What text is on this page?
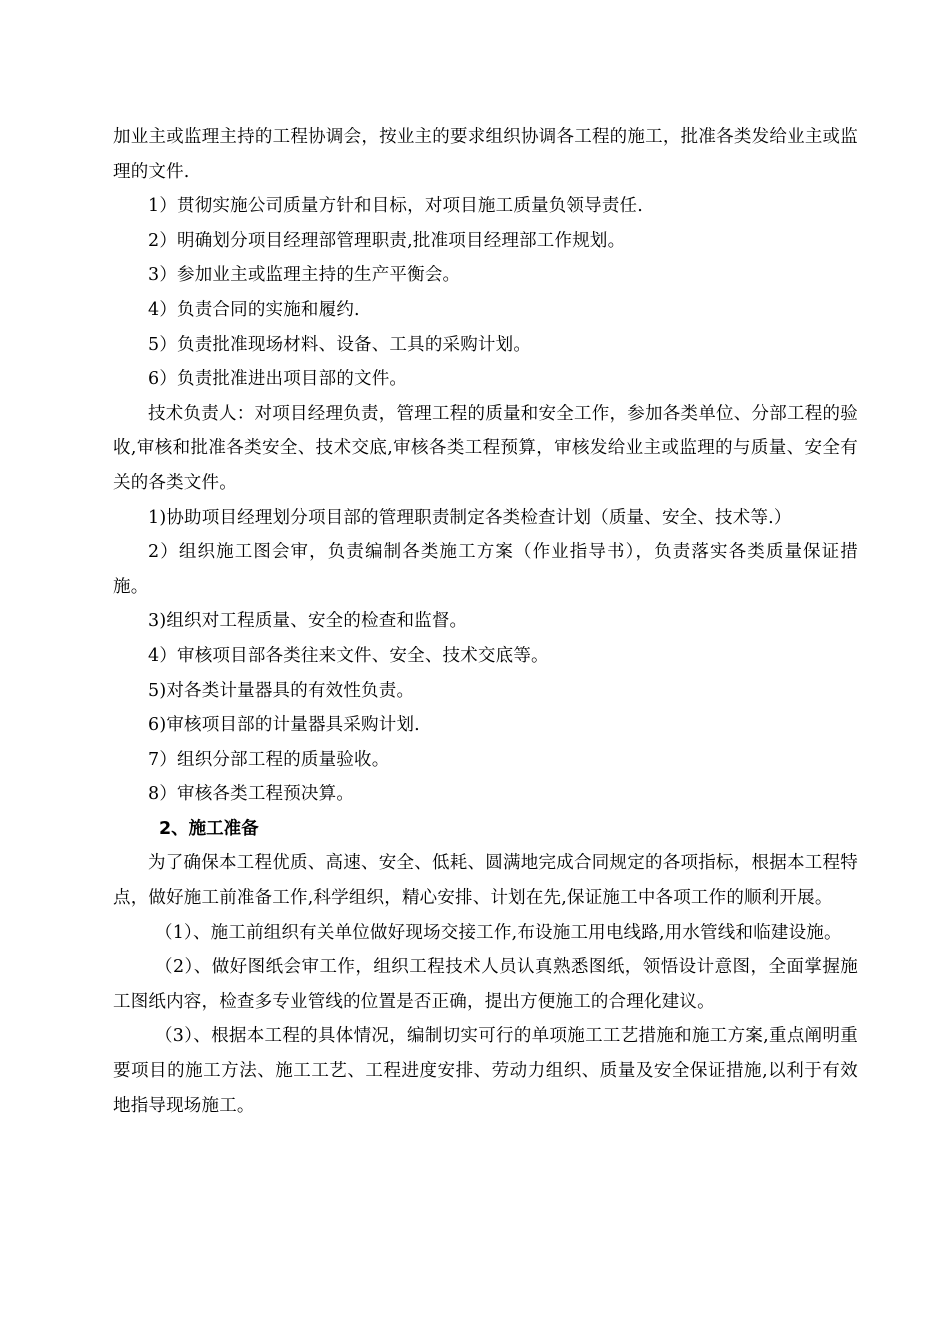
加业主或监理主持的工程协调会，按业主的要求组织协调各工程的施工，批准各类发给业主或监理的文件.

1）贯彻实施公司质量方针和目标，对项目施工质量负领导责任.

2）明确划分项目经理部管理职责,批准项目经理部工作规划。

3）参加业主或监理主持的生产平衡会。

4）负责合同的实施和履约.

5）负责批准现场材料、设备、工具的采购计划。

6）负责批准进出项目部的文件。

技术负责人：对项目经理负责，管理工程的质量和安全工作，参加各类单位、分部工程的验收,审核和批准各类安全、技术交底,审核各类工程预算，审核发给业主或监理的与质量、安全有关的各类文件。

1)协助项目经理划分项目部的管理职责制定各类检查计划（质量、安全、技术等.）

2）组织施工图会审，负责编制各类施工方案（作业指导书），负责落实各类质量保证措施。

3)组织对工程质量、安全的检查和监督。

4）审核项目部各类往来文件、安全、技术交底等。

5)对各类计量器具的有效性负责。

6)审核项目部的计量器具采购计划.

7）组织分部工程的质量验收。

8）审核各类工程预决算。

2、施工准备

为了确保本工程优质、高速、安全、低耗、圆满地完成合同规定的各项指标，根据本工程特点，做好施工前准备工作,科学组织，精心安排、计划在先,保证施工中各项工作的顺利开展。

（1）、施工前组织有关单位做好现场交接工作,布设施工用电线路,用水管线和临建设施。

（2）、做好图纸会审工作，组织工程技术人员认真熟悉图纸，领悟设计意图，全面掌握施工图纸内容，检查多专业管线的位置是否正确，提出方便施工的合理化建议。

（3）、根据本工程的具体情况，编制切实可行的单项施工工艺措施和施工方案,重点阐明重要项目的施工方法、施工工艺、工程进度安排、劳动力组织、质量及安全保证措施,以利于有效地指导现场施工。
